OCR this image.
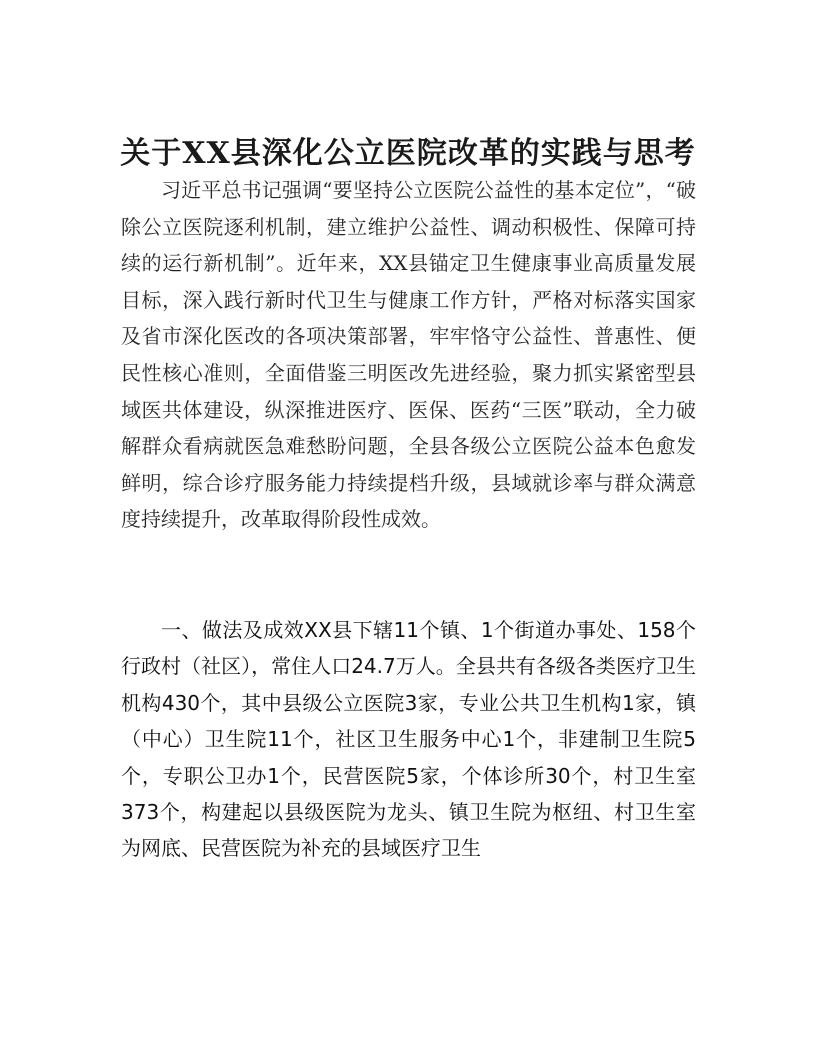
关于XX县深化公立医院改革的实践与思考

习近平总书记强调“要坚持公立医院公益性的基本定位”，“破除公立医院逐利机制，建立维护公益性、调动积极性、保障可持续的运行新机制”。近年来，XX县锚定卫生健康事业高质量发展目标，深入践行新时代卫生与健康工作方针，严格对标落实国家及省市深化医改的各项决策部署，牢牢恪守公益性、普惠性、便民性核心准则，全面借鉴三明医改先进经验，聚力抓实紧密型县域医共体建设，纵深推进医疗、医保、医药“三医”联动，全力破解群众看病就医急难愁盼问题，全县各级公立医院公益本色愈发鲜明，综合诊疗服务能力持续提档升级，县域就诊率与群众满意度持续提升，改革取得阶段性成效。

一、做法及成效XX县下辖11个镇、1个街道办事处、158个行政村（社区），常住人口24.7万人。全县共有各级各类医疗卫生机构430个，其中县级公立医院3家，专业公共卫生机构1家，镇（中心）卫生院11个，社区卫生服务中心1个，非建制卫生院5个，专职公卫办1个，民营医院5家，个体诊所30个，村卫生室373个，构建起以县级医院为龙头、镇卫生院为枢纽、村卫生室为网底、民营医院为补充的县域医疗卫生
